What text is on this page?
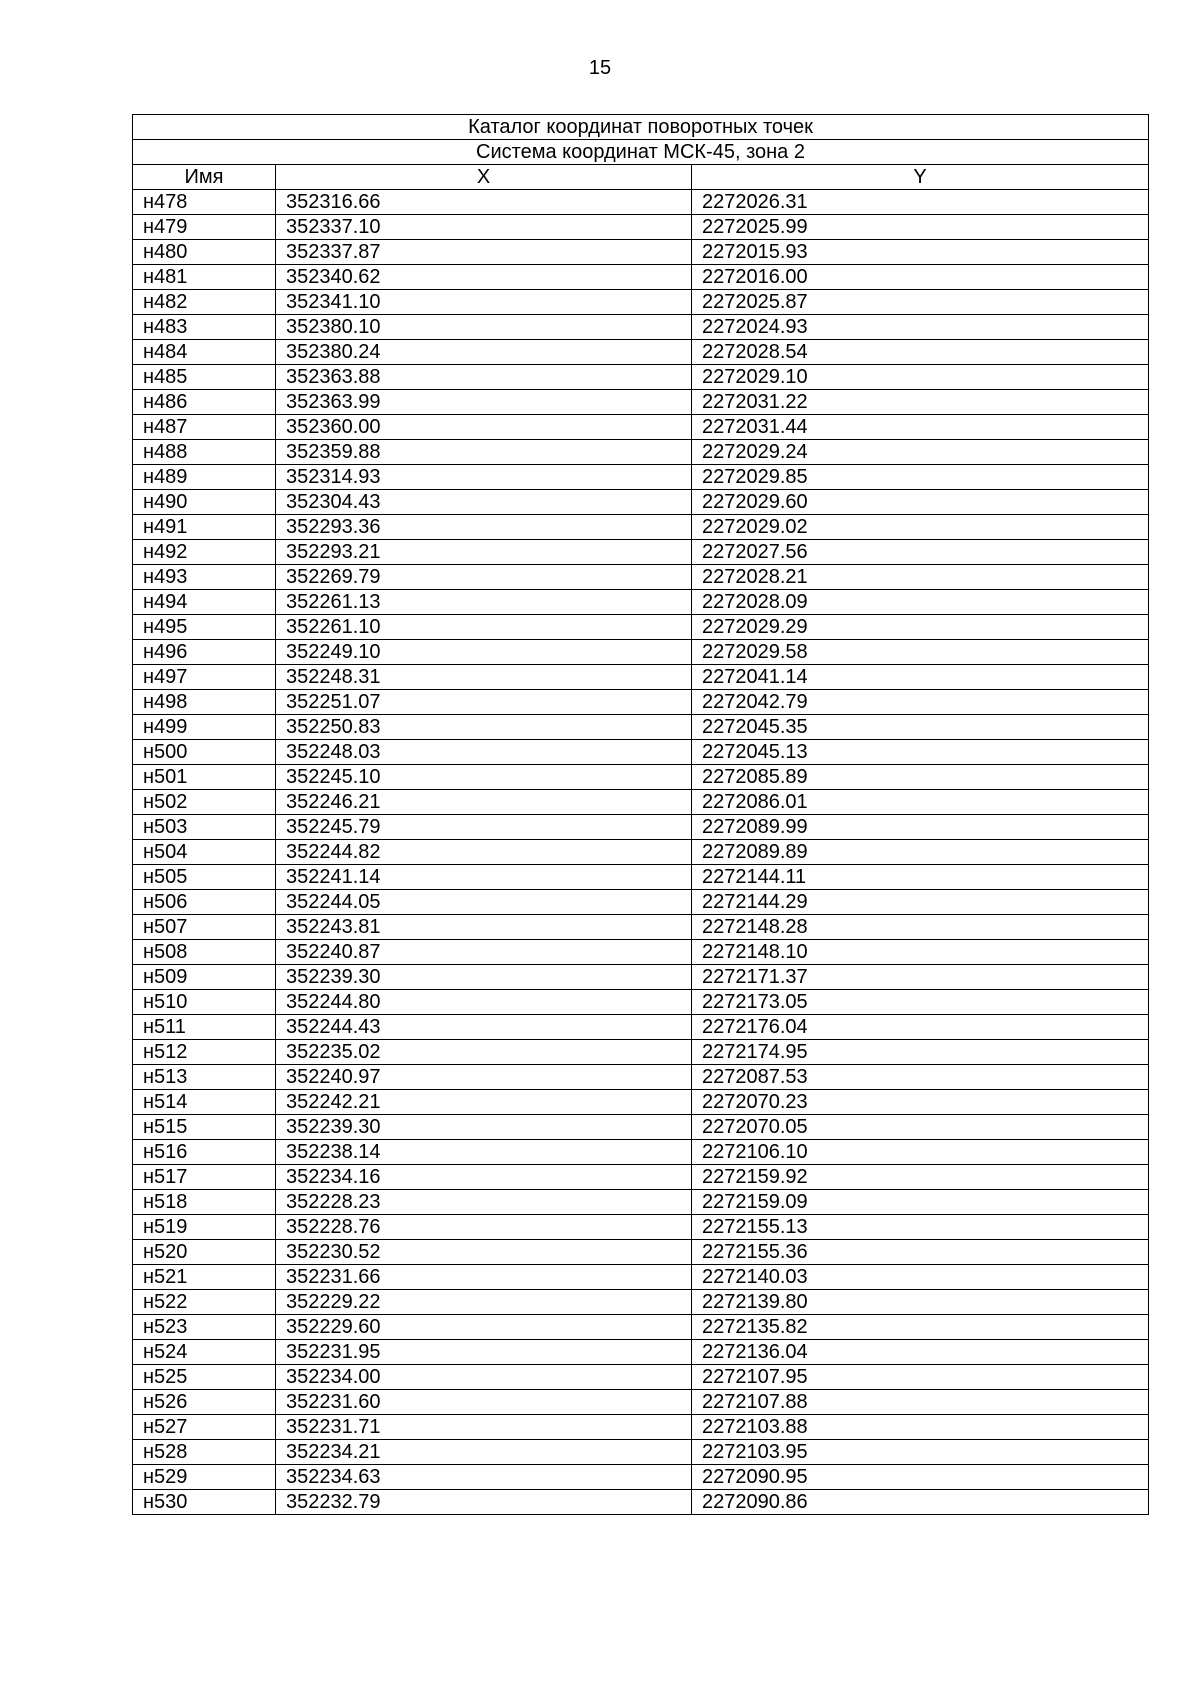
15
Каталог координат поворотных точек		
Система координат МСК-45, зона 2		
Имя	X	Y
н478	352316.66	2272026.31
н479	352337.10	2272025.99
н480	352337.87	2272015.93
н481	352340.62	2272016.00
н482	352341.10	2272025.87
н483	352380.10	2272024.93
н484	352380.24	2272028.54
н485	352363.88	2272029.10
н486	352363.99	2272031.22
н487	352360.00	2272031.44
н488	352359.88	2272029.24
н489	352314.93	2272029.85
н490	352304.43	2272029.60
н491	352293.36	2272029.02
н492	352293.21	2272027.56
н493	352269.79	2272028.21
н494	352261.13	2272028.09
н495	352261.10	2272029.29
н496	352249.10	2272029.58
н497	352248.31	2272041.14
н498	352251.07	2272042.79
н499	352250.83	2272045.35
н500	352248.03	2272045.13
н501	352245.10	2272085.89
н502	352246.21	2272086.01
н503	352245.79	2272089.99
н504	352244.82	2272089.89
н505	352241.14	2272144.11
н506	352244.05	2272144.29
н507	352243.81	2272148.28
н508	352240.87	2272148.10
н509	352239.30	2272171.37
н510	352244.80	2272173.05
н511	352244.43	2272176.04
н512	352235.02	2272174.95
н513	352240.97	2272087.53
н514	352242.21	2272070.23
н515	352239.30	2272070.05
н516	352238.14	2272106.10
н517	352234.16	2272159.92
н518	352228.23	2272159.09
н519	352228.76	2272155.13
н520	352230.52	2272155.36
н521	352231.66	2272140.03
н522	352229.22	2272139.80
н523	352229.60	2272135.82
н524	352231.95	2272136.04
н525	352234.00	2272107.95
н526	352231.60	2272107.88
н527	352231.71	2272103.88
н528	352234.21	2272103.95
н529	352234.63	2272090.95
н530	352232.79	2272090.86
